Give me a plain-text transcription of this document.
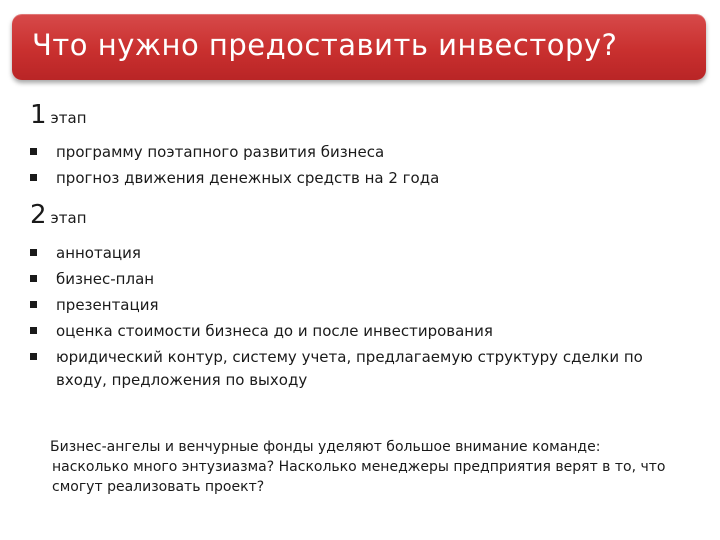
Что нужно предоставить инвестору?
1 этап
программу поэтапного развития бизнеса
прогноз движения денежных средств на 2 года
2 этап
аннотация
бизнес-план
презентация
оценка стоимости бизнеса до и после инвестирования
юридический контур, систему учета, предлагаемую структуру сделки по входу, предложения по выходу
Бизнес-ангелы и венчурные фонды уделяют большое внимание команде:
насколько много энтузиазма? Насколько менеджеры предприятия верят в то, что
смогут реализовать проект?
